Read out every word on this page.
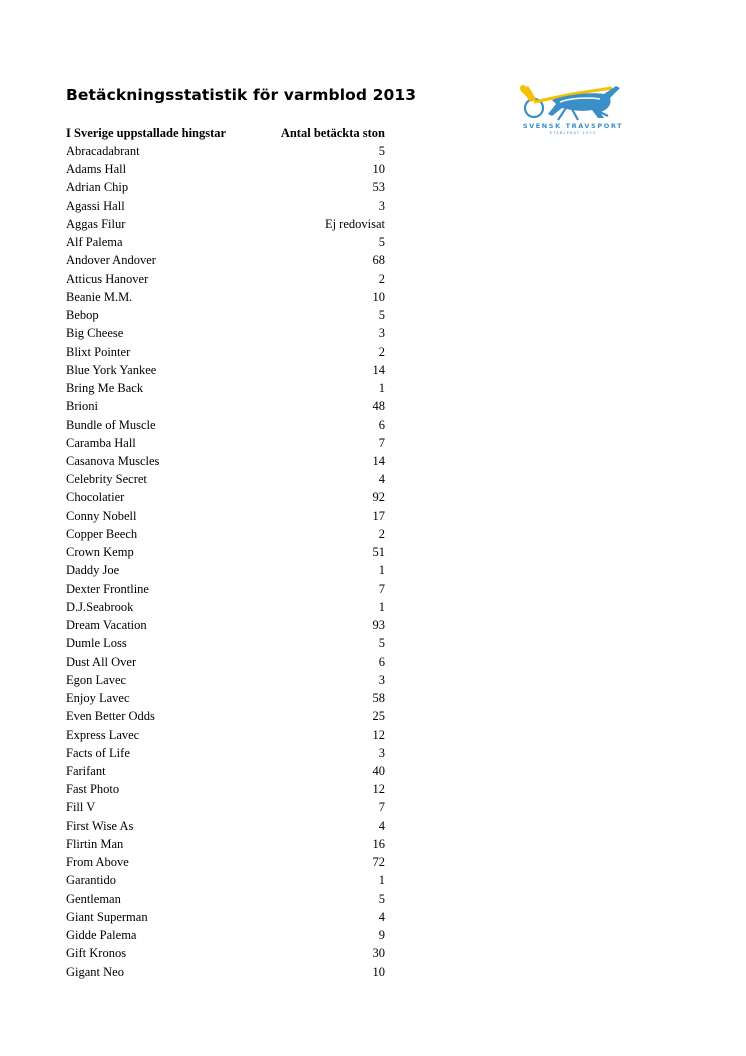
Betäckningsstatistik för varmblod 2013
SVENSK TRAVSPORT
ETABLERAT 1923
I Sverige uppstallade hingstar	Antal betäckta ston
Abracadabrant	5
Adams Hall	10
Adrian Chip	53
Agassi Hall	3
Aggas Filur	Ej redovisat
Alf Palema	5
Andover Andover	68
Atticus Hanover	2
Beanie M.M.	10
Bebop	5
Big Cheese	3
Blixt Pointer	2
Blue York Yankee	14
Bring Me Back	1
Brioni	48
Bundle of Muscle	6
Caramba Hall	7
Casanova Muscles	14
Celebrity Secret	4
Chocolatier	92
Conny Nobell	17
Copper Beech	2
Crown Kemp	51
Daddy Joe	1
Dexter Frontline	7
D.J.Seabrook	1
Dream Vacation	93
Dumle Loss	5
Dust All Over	6
Egon Lavec	3
Enjoy Lavec	58
Even Better Odds	25
Express Lavec	12
Facts of Life	3
Farifant	40
Fast Photo	12
Fill V	7
First Wise As	4
Flirtin Man	16
From Above	72
Garantido	1
Gentleman	5
Giant Superman	4
Gidde Palema	9
Gift Kronos	30
Gigant Neo	10
